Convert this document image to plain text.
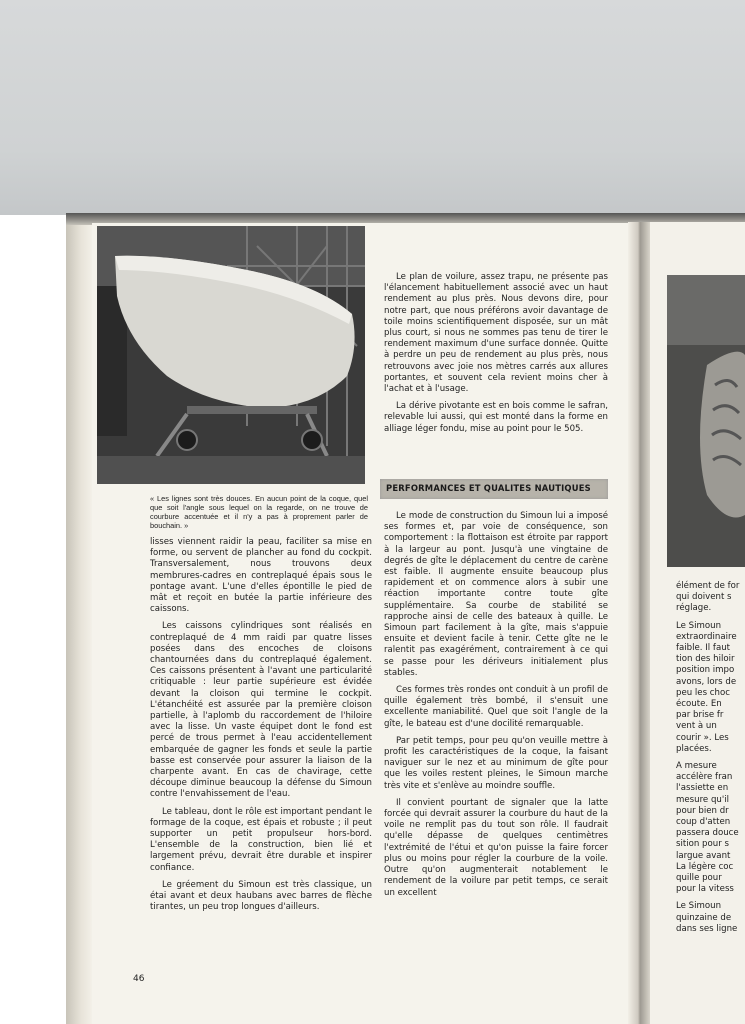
« Les lignes sont très douces. En aucun point de la coque, quel que soit l'angle sous lequel on la regarde, on ne trouve de courbure accentuée et il n'y a pas à proprement parler de bouchain. »

lisses viennent raidir la peau, faciliter sa mise en forme, ou servent de plancher au fond du cockpit. Transversalement, nous trouvons deux membrures-cadres en contreplaqué épais sous le pontage avant. L'une d'elles épontille le pied de mât et reçoit en butée la partie inférieure des caissons.

Les caissons cylindriques sont réalisés en contreplaqué de 4 mm raidi par quatre lisses posées dans des encoches de cloisons chantournées dans du contreplaqué également. Ces caissons présentent à l'avant une particularité critiquable : leur partie supérieure est évidée devant la cloison qui termine le cockpit. L'étanchéité est assurée par la première cloison partielle, à l'aplomb du raccordement de l'hiloire avec la lisse. Un vaste équipet dont le fond est percé de trous permet à l'eau accidentellement embarquée de gagner les fonds et seule la partie basse est conservée pour assurer la liaison de la charpente avant. En cas de chavirage, cette découpe diminue beaucoup la défense du Simoun contre l'envahissement de l'eau.

Le tableau, dont le rôle est important pendant le formage de la coque, est épais et robuste ; il peut supporter un petit propulseur hors-bord. L'ensemble de la construction, bien lié et largement prévu, devrait être durable et inspirer confiance.

Le gréement du Simoun est très classique, un étai avant et deux haubans avec barres de flèche tirantes, un peu trop longues d'ailleurs.

Le plan de voilure, assez trapu, ne présente pas l'élancement habituellement associé avec un haut rendement au plus près. Nous devons dire, pour notre part, que nous préférons avoir davantage de toile moins scientifiquement disposée, sur un mât plus court, si nous ne sommes pas tenu de tirer le rendement maximum d'une surface donnée. Quitte à perdre un peu de rendement au plus près, nous retrouvons avec joie nos mètres carrés aux allures portantes, et souvent cela revient moins cher à l'achat et à l'usage.

La dérive pivotante est en bois comme le safran, relevable lui aussi, qui est monté dans la forme en alliage léger fondu, mise au point pour le 505.

PERFORMANCES ET QUALITES NAUTIQUES

Le mode de construction du Simoun lui a imposé ses formes et, par voie de conséquence, son comportement : la flottaison est étroite par rapport à la largeur au pont. Jusqu'à une vingtaine de degrés de gîte le déplacement du centre de carène est faible. Il augmente ensuite beaucoup plus rapidement et on commence alors à subir une réaction importante contre toute gîte supplémentaire. Sa courbe de stabilité se rapproche ainsi de celle des bateaux à quille. Le Simoun part facilement à la gîte, mais s'appuie ensuite et devient facile à tenir. Cette gîte ne le ralentit pas exagérément, contrairement à ce qui se passe pour les dériveurs initialement plus stables.

Ces formes très rondes ont conduit à un profil de quille également très bombé, il s'ensuit une excellente maniabilité. Quel que soit l'angle de la gîte, le bateau est d'une docilité remarquable.

Par petit temps, pour peu qu'on veuille mettre à profit les caractéristiques de la coque, la faisant naviguer sur le nez et au minimum de gîte pour que les voiles restent pleines, le Simoun marche très vite et s'enlève au moindre souffle.

Il convient pourtant de signaler que la latte forcée qui devrait assurer la courbure du haut de la voile ne remplit pas du tout son rôle. Il faudrait qu'elle dépasse de quelques centimètres l'extrémité de l'étui et qu'on puisse la faire forcer plus ou moins pour régler la courbure de la voile. Outre qu'on augmenterait notablement le rendement de la voilure par petit temps, ce serait un excellent

46

élément de for
qui doivent s
réglage.

Le Simoun
extraordinaire
faible. Il faut
tion des hiloir
position impo
avons, lors de
peu les choc
écoute. En
par brise fr
vent à un
courir ». Les
placées.

A mesure
accélère fran
l'assiette en
mesure qu'il
pour bien dr
coup d'atten
passera douce
sition pour s
largue avant
La légère coc
quille pour
pour la vitess

Le Simoun
quinzaine de
dans ses ligne
